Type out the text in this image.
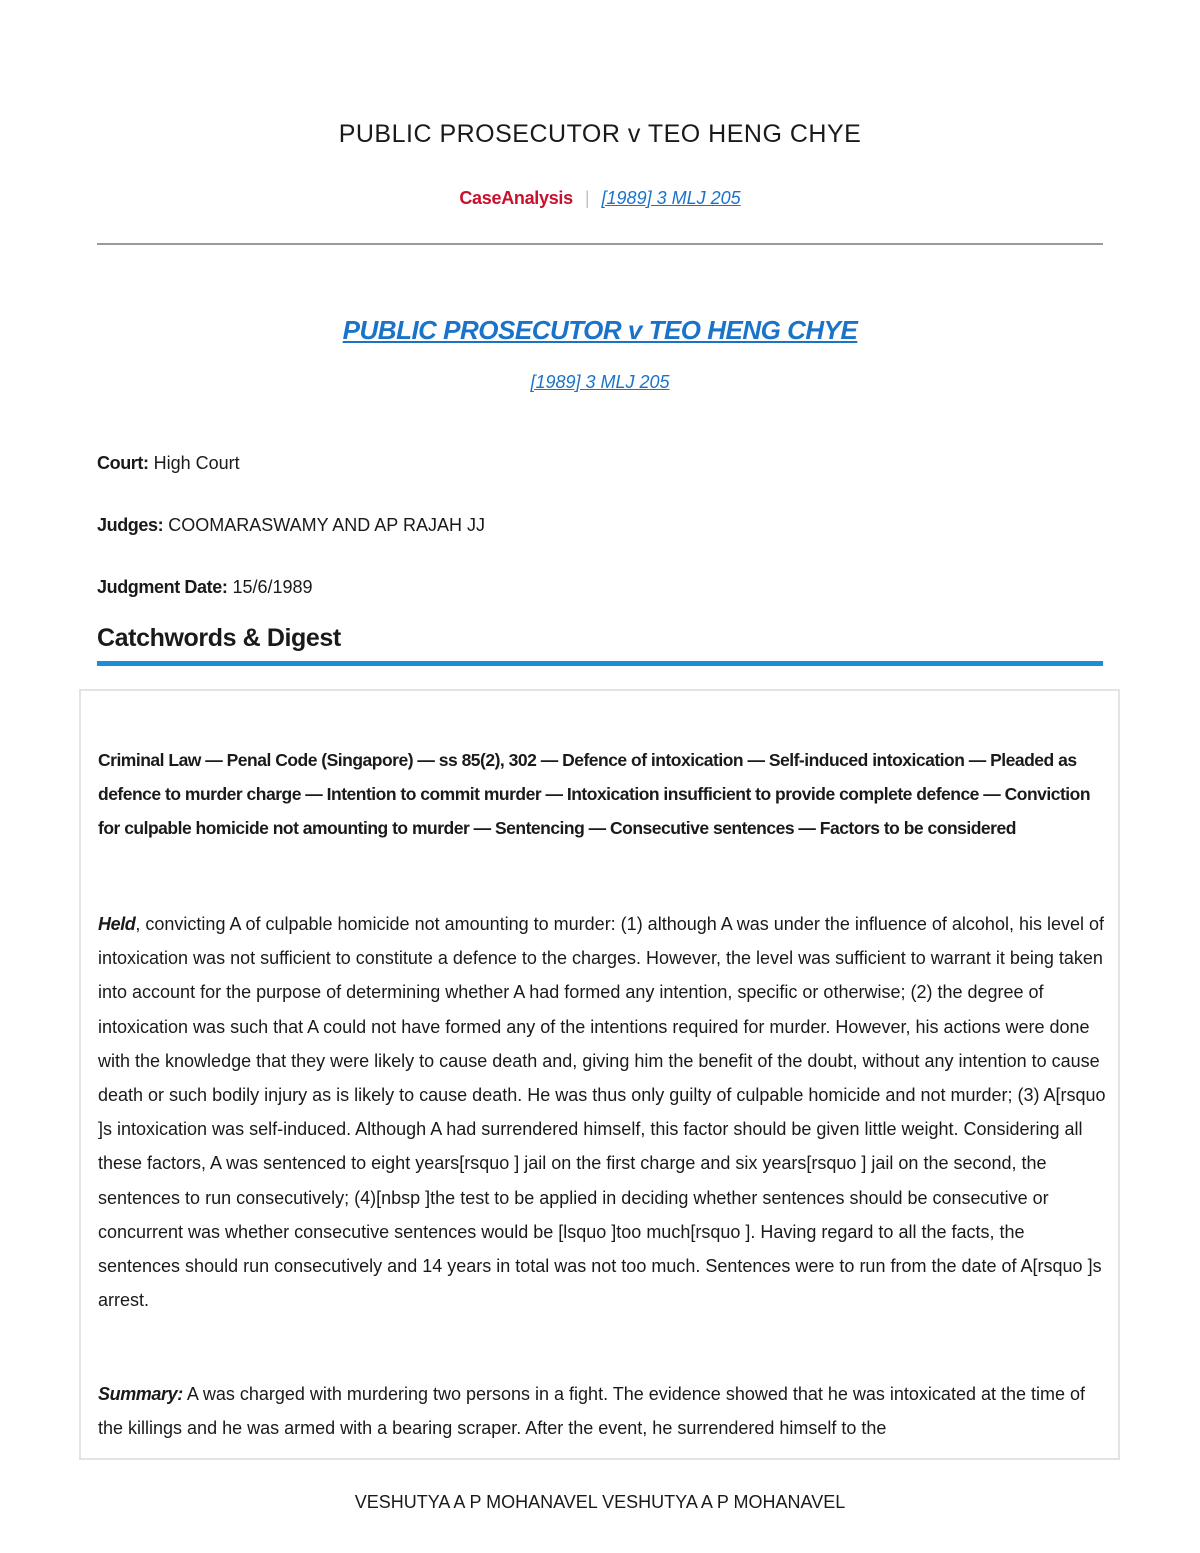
PUBLIC PROSECUTOR v TEO HENG CHYE
CaseAnalysis | [1989] 3 MLJ 205
PUBLIC PROSECUTOR v TEO HENG CHYE
[1989] 3 MLJ 205
Court: High Court
Judges: COOMARASWAMY AND AP RAJAH JJ
Judgment Date: 15/6/1989
Catchwords & Digest
Criminal Law — Penal Code (Singapore) — ss 85(2), 302 — Defence of intoxication — Self-induced intoxication — Pleaded as defence to murder charge — Intention to commit murder — Intoxication insufficient to provide complete defence — Conviction for culpable homicide not amounting to murder — Sentencing — Consecutive sentences — Factors to be considered
Held, convicting A of culpable homicide not amounting to murder: (1) although A was under the influence of alcohol, his level of intoxication was not sufficient to constitute a defence to the charges. However, the level was sufficient to warrant it being taken into account for the purpose of determining whether A had formed any intention, specific or otherwise; (2) the degree of intoxication was such that A could not have formed any of the intentions required for murder. However, his actions were done with the knowledge that they were likely to cause death and, giving him the benefit of the doubt, without any intention to cause death or such bodily injury as is likely to cause death. He was thus only guilty of culpable homicide and not murder; (3) A[rsquo ]s intoxication was self-induced. Although A had surrendered himself, this factor should be given little weight. Considering all these factors, A was sentenced to eight years[rsquo ] jail on the first charge and six years[rsquo ] jail on the second, the sentences to run consecutively; (4)[nbsp ]the test to be applied in deciding whether sentences should be consecutive or concurrent was whether consecutive sentences would be [lsquo ]too much[rsquo ]. Having regard to all the facts, the sentences should run consecutively and 14 years in total was not too much. Sentences were to run from the date of A[rsquo ]s arrest.
Summary: A was charged with murdering two persons in a fight. The evidence showed that he was intoxicated at the time of the killings and he was armed with a bearing scraper. After the event, he surrendered himself to the
VESHUTYA A P MOHANAVEL VESHUTYA A P MOHANAVEL
